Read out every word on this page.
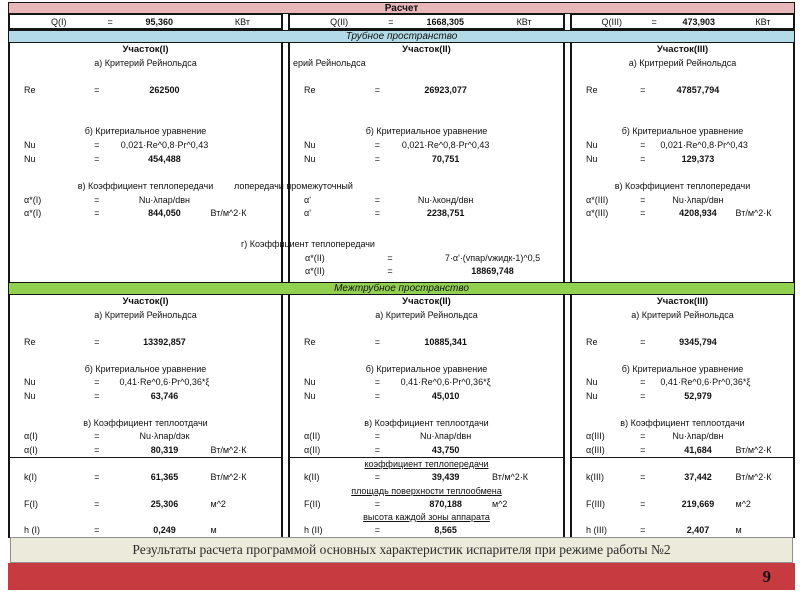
Расчет
Q(I)	=	95,360	КВт	Q(II)	=	1668,305	КВт	Q(III)	=	473,903	КВт
Трубное пространство
Участок(I)
а) Критерий Рейнольдса
Re	=	262500
б) Критериальное уравнение
Nu	=	0,021·Re^0,8·Pr^0,43
Nu	=	454,488
в) Коэффициент теплопередачи
α*(I)	=	Nu·λпар/dвн
α*(I)	=	844,050	Вт/м^2·К
Участок(II)
ерий Рейнольдса
Re	=	26923,077
б) Критериальное уравнение
Nu	=	0,021·Re^0,8·Pr^0,43
Nu	=	70,751
лопередачи промежуточный
α'	=	Nu·λконд/dвн
α'	=	2238,751
Участок(III)
а) Критрерий Рейнольдса
Re	=	47857,794
б) Критериальное уравнение
Nu	=	0,021·Re^0,8·Pr^0,43
Nu	=	129,373
в) Коэффициент теплопередачи
α*(III)	=	Nu·λпар/dвн
α*(III)	=	4208,934	Вт/м^2·К
г) Коэффициент теплопередачи
α*(II)	=	7·α'·(vпар/vжидк-1)^0,5
α*(II)	=	18869,748
Межтрубное пространство
Участок(I)
а) Критерий Рейнольдса
Re	=	13392,857
б) Критериальное уравнение
Nu	=	0,41·Re^0,6·Pr^0,36*ξ
Nu	=	63,746
в) Коэффициент теплоотдачи
α(I)	=	Nu·λпар/dэк
α(I)	=	80,319	Вт/м^2·К
Участок(II)
а) Критерий Рейнольдса
Re	=	10885,341
б) Критериальное уравнение
Nu	=	0,41·Re^0,6·Pr^0,36*ξ
Nu	=	45,010
в) Коэффициент теплоотдачи
α(II)	=	Nu·λпар/dвн
α(II)	=	43,750
Участок(III)
а) Критерий Рейнольдса
Re	=	9345,794
б) Критериальное уравнение
Nu	=	0,41·Re^0,6·Pr^0,36*ξ
Nu	=	52,979
в) Коэффициент теплоотдачи
α(III)	=	Nu·λпар/dвн
α(III)	=	41,684	Вт/м^2·К
k(I)	=	61,365	Вт/м^2·К
F(I)	=	25,306	м^2
h (I)	=	0,249	м
коэффициент теплопередачи
k(II)	=	39,439	Вт/м^2·К
площадь поверхности теплообмена
F(II)	=	870,188	м^2
высота каждой зоны аппарата
h (II)	=	8,565
k(III)	=	37,442	Вт/м^2·К
F(III)	=	219,669	м^2
h (III)	=	2,407	м
Результаты расчета программой основных характеристик испарителя при режиме работы №2
9
